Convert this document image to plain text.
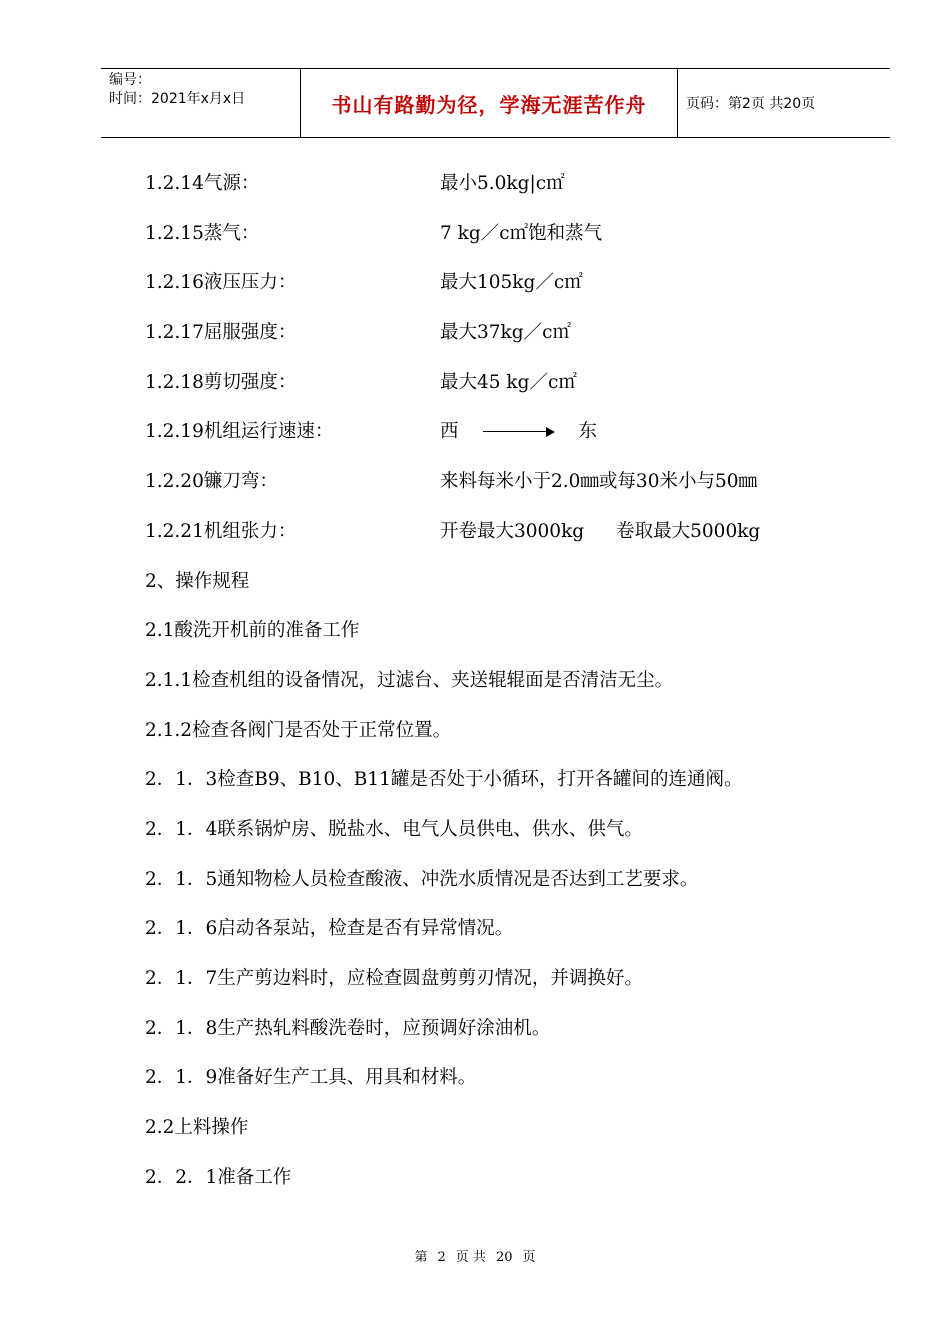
编号：
时间：2021年x月x日	书山有路勤为径，学海无涯苦作舟	页码：第2页 共20页
1.2.14气源：	最小5.0kg|c㎡
1.2.15蒸气：	7 kg／c㎡饱和蒸气
1.2.16液压压力：	最大105kg／c㎡
1.2.17屈服强度：	最大37kg／c㎡
1.2.18剪切强度：	最大45 kg／c㎡
1.2.19机组运行速速：	西	东
1.2.20镰刀弯：	来料每米小于2.0㎜或每30米小与50㎜
1.2.21机组张力：	开卷最大3000kg 卷取最大5000kg
2、操作规程
2.1酸洗开机前的准备工作
2.1.1检查机组的设备情况，过滤台、夹送辊辊面是否清洁无尘。
2.1.2检查各阀门是否处于正常位置。
2．1．3检查B9、B10、B11罐是否处于小循环，打开各罐间的连通阀。
2．1．4联系锅炉房、脱盐水、电气人员供电、供水、供气。
2．1．5通知物检人员检查酸液、冲洗水质情况是否达到工艺要求。
2．1．6启动各泵站，检查是否有异常情况。
2．1．7生产剪边料时，应检查圆盘剪剪刃情况，并调换好。
2．1．8生产热轧料酸洗卷时，应预调好涂油机。
2．1．9准备好生产工具、用具和材料。
2.2上料操作
2．2．1准备工作
第 2 页 共 20 页
